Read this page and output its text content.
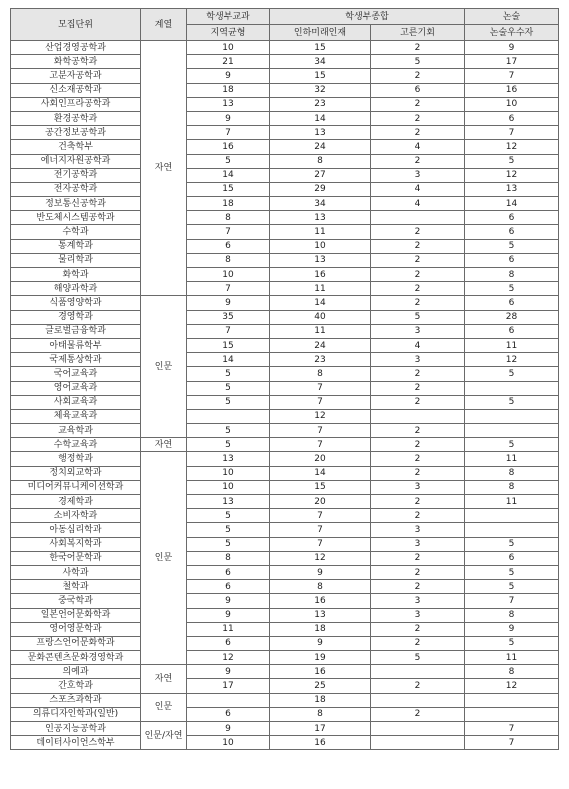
모집단위	계열	학생부교과	학생부종합		논술
		지역균형	인하미래인재	고른기회	논술우수자
산업경영공학과	자연	10	15	2	9
화학공학과		21	34	5	17
고분자공학과		9	15	2	7
신소재공학과		18	32	6	16
사회인프라공학과		13	23	2	10
환경공학과		9	14	2	6
공간정보공학과		7	13	2	7
건축학부		16	24	4	12
에너지자원공학과		5	8	2	5
전기공학과		14	27	3	12
전자공학과		15	29	4	13
정보통신공학과		18	34	4	14
반도체시스템공학과		8	13		6
수학과		7	11	2	6
통계학과		6	10	2	5
물리학과		8	13	2	6
화학과		10	16	2	8
해양과학과		7	11	2	5
식품영양학과	인문	9	14	2	6
경영학과		35	40	5	28
글로벌금융학과		7	11	3	6
아태물류학부		15	24	4	11
국제통상학과		14	23	3	12
국어교육과		5	8	2	5
영어교육과		5	7	2	
사회교육과		5	7	2	5
체육교육과			12		
교육학과		5	7	2	
수학교육과	자연	5	7	2	5
행정학과	인문	13	20	2	11
정치외교학과		10	14	2	8
미디어커뮤니케이션학과		10	15	3	8
경제학과		13	20	2	11
소비자학과		5	7	2	
아동심리학과		5	7	3	
사회복지학과		5	7	3	5
한국어문학과		8	12	2	6
사학과		6	9	2	5
철학과		6	8	2	5
중국학과		9	16	3	7
일본언어문화학과		9	13	3	8
영어영문학과		11	18	2	9
프랑스언어문화학과		6	9	2	5
문화콘텐츠문화경영학과		12	19	5	11
의예과	자연	9	16		8
간호학과		17	25	2	12
스포츠과학과	인문		18		
의류디자인학과(일반)		6	8	2	
인공지능공학과	인문/자연	9	17		7
데이터사이언스학부		10	16		7
